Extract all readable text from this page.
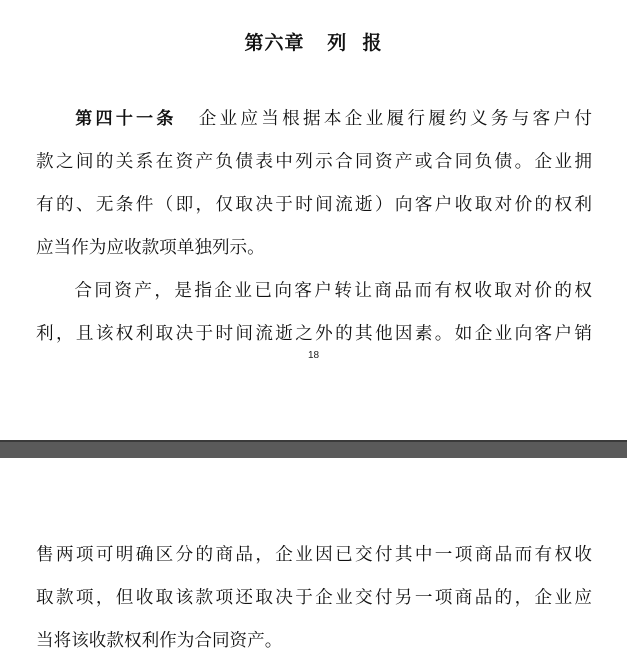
第六章   列  报
第四十一条 企业应当根据本企业履行履约义务与客户付
款之间的关系在资产负债表中列示合同资产或合同负债。企业拥
有的、无条件（即，仅取决于时间流逝）向客户收取对价的权利
应当作为应收款项单独列示。
合同资产，是指企业已向客户转让商品而有权收取对价的权
利，且该权利取决于时间流逝之外的其他因素。如企业向客户销
18
售两项可明确区分的商品，企业因已交付其中一项商品而有权收
取款项，但收取该款项还取决于企业交付另一项商品的，企业应
当将该收款权利作为合同资产。
